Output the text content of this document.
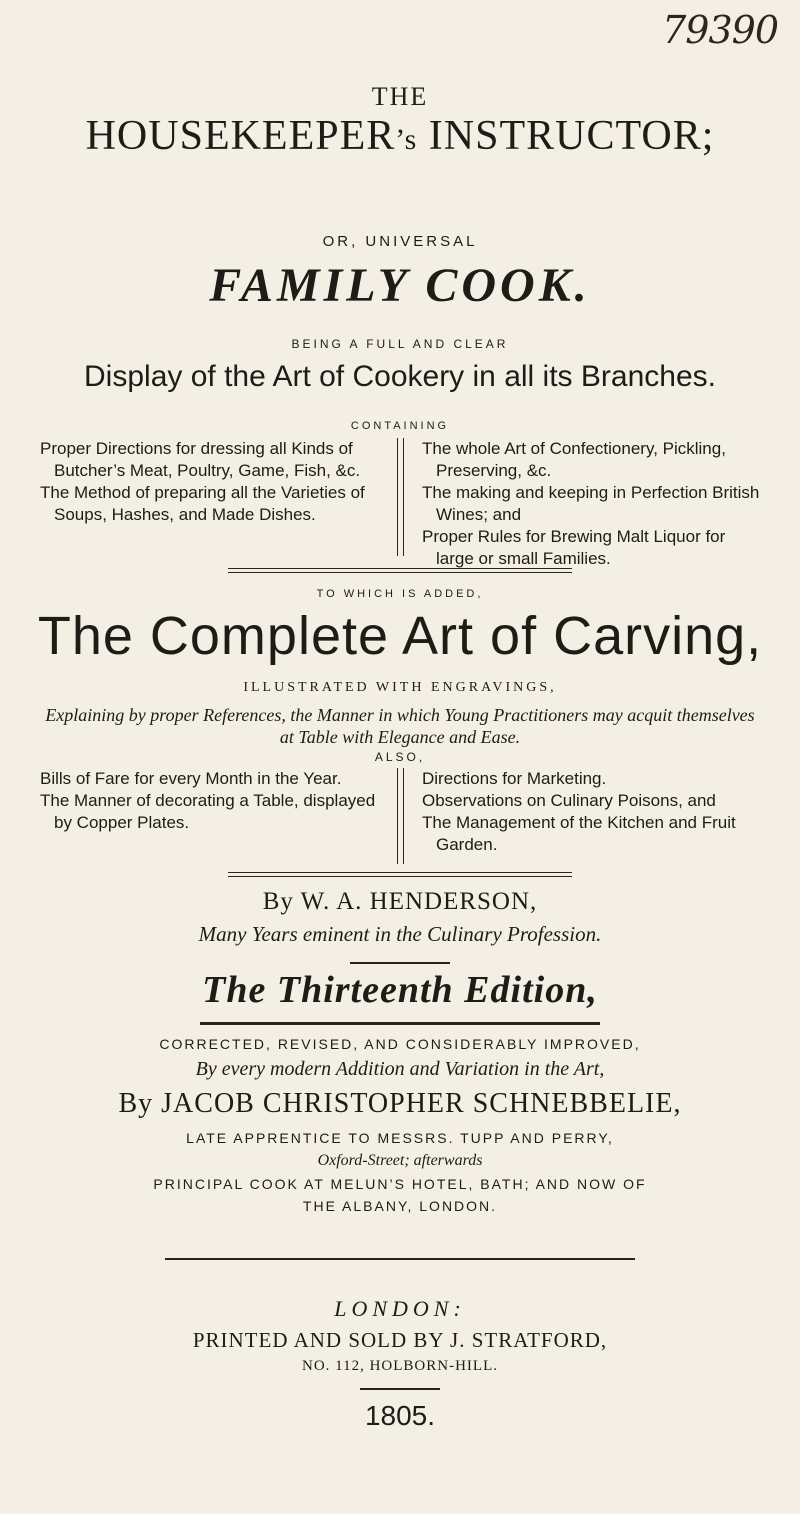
79390
THE
HOUSEKEEPER’s INSTRUCTOR;
OR, UNIVERSAL
FAMILY COOK.
BEING A FULL AND CLEAR
Display of the Art of Cookery in all its Branches.
CONTAINING

Proper Directions for dressing all Kinds of Butcher’s Meat, Poultry, Game, Fish, &c.

The Method of preparing all the Varieties of Soups, Hashes, and Made Dishes.

The whole Art of Confectionery, Pickling, Preserving, &c.

The making and keeping in Perfection British Wines; and

Proper Rules for Brewing Malt Liquor for large or small Families.

TO WHICH IS ADDED,
The Complete Art of Carving,
ILLUSTRATED WITH ENGRAVINGS,
Explaining by proper References, the Manner in which Young Practitioners may acquit themselves at Table with Elegance and Ease.
ALSO,

Bills of Fare for every Month in the Year.

The Manner of decorating a Table, displayed by Copper Plates.

Directions for Marketing.

Observations on Culinary Poisons, and

The Management of the Kitchen and Fruit Garden.

By W. A. HENDERSON,
Many Years eminent in the Culinary Profession.
The Thirteenth Edition,
CORRECTED, REVISED, AND CONSIDERABLY IMPROVED,
By every modern Addition and Variation in the Art,
By JACOB CHRISTOPHER SCHNEBBELIE,
LATE APPRENTICE TO MESSRS. TUPP AND PERRY,
Oxford-Street; afterwards
PRINCIPAL COOK AT MELUN’S HOTEL, BATH; AND NOW OF
THE ALBANY, LONDON.
LONDON:
PRINTED AND SOLD BY J. STRATFORD,
NO. 112, HOLBORN-HILL.
1805.
